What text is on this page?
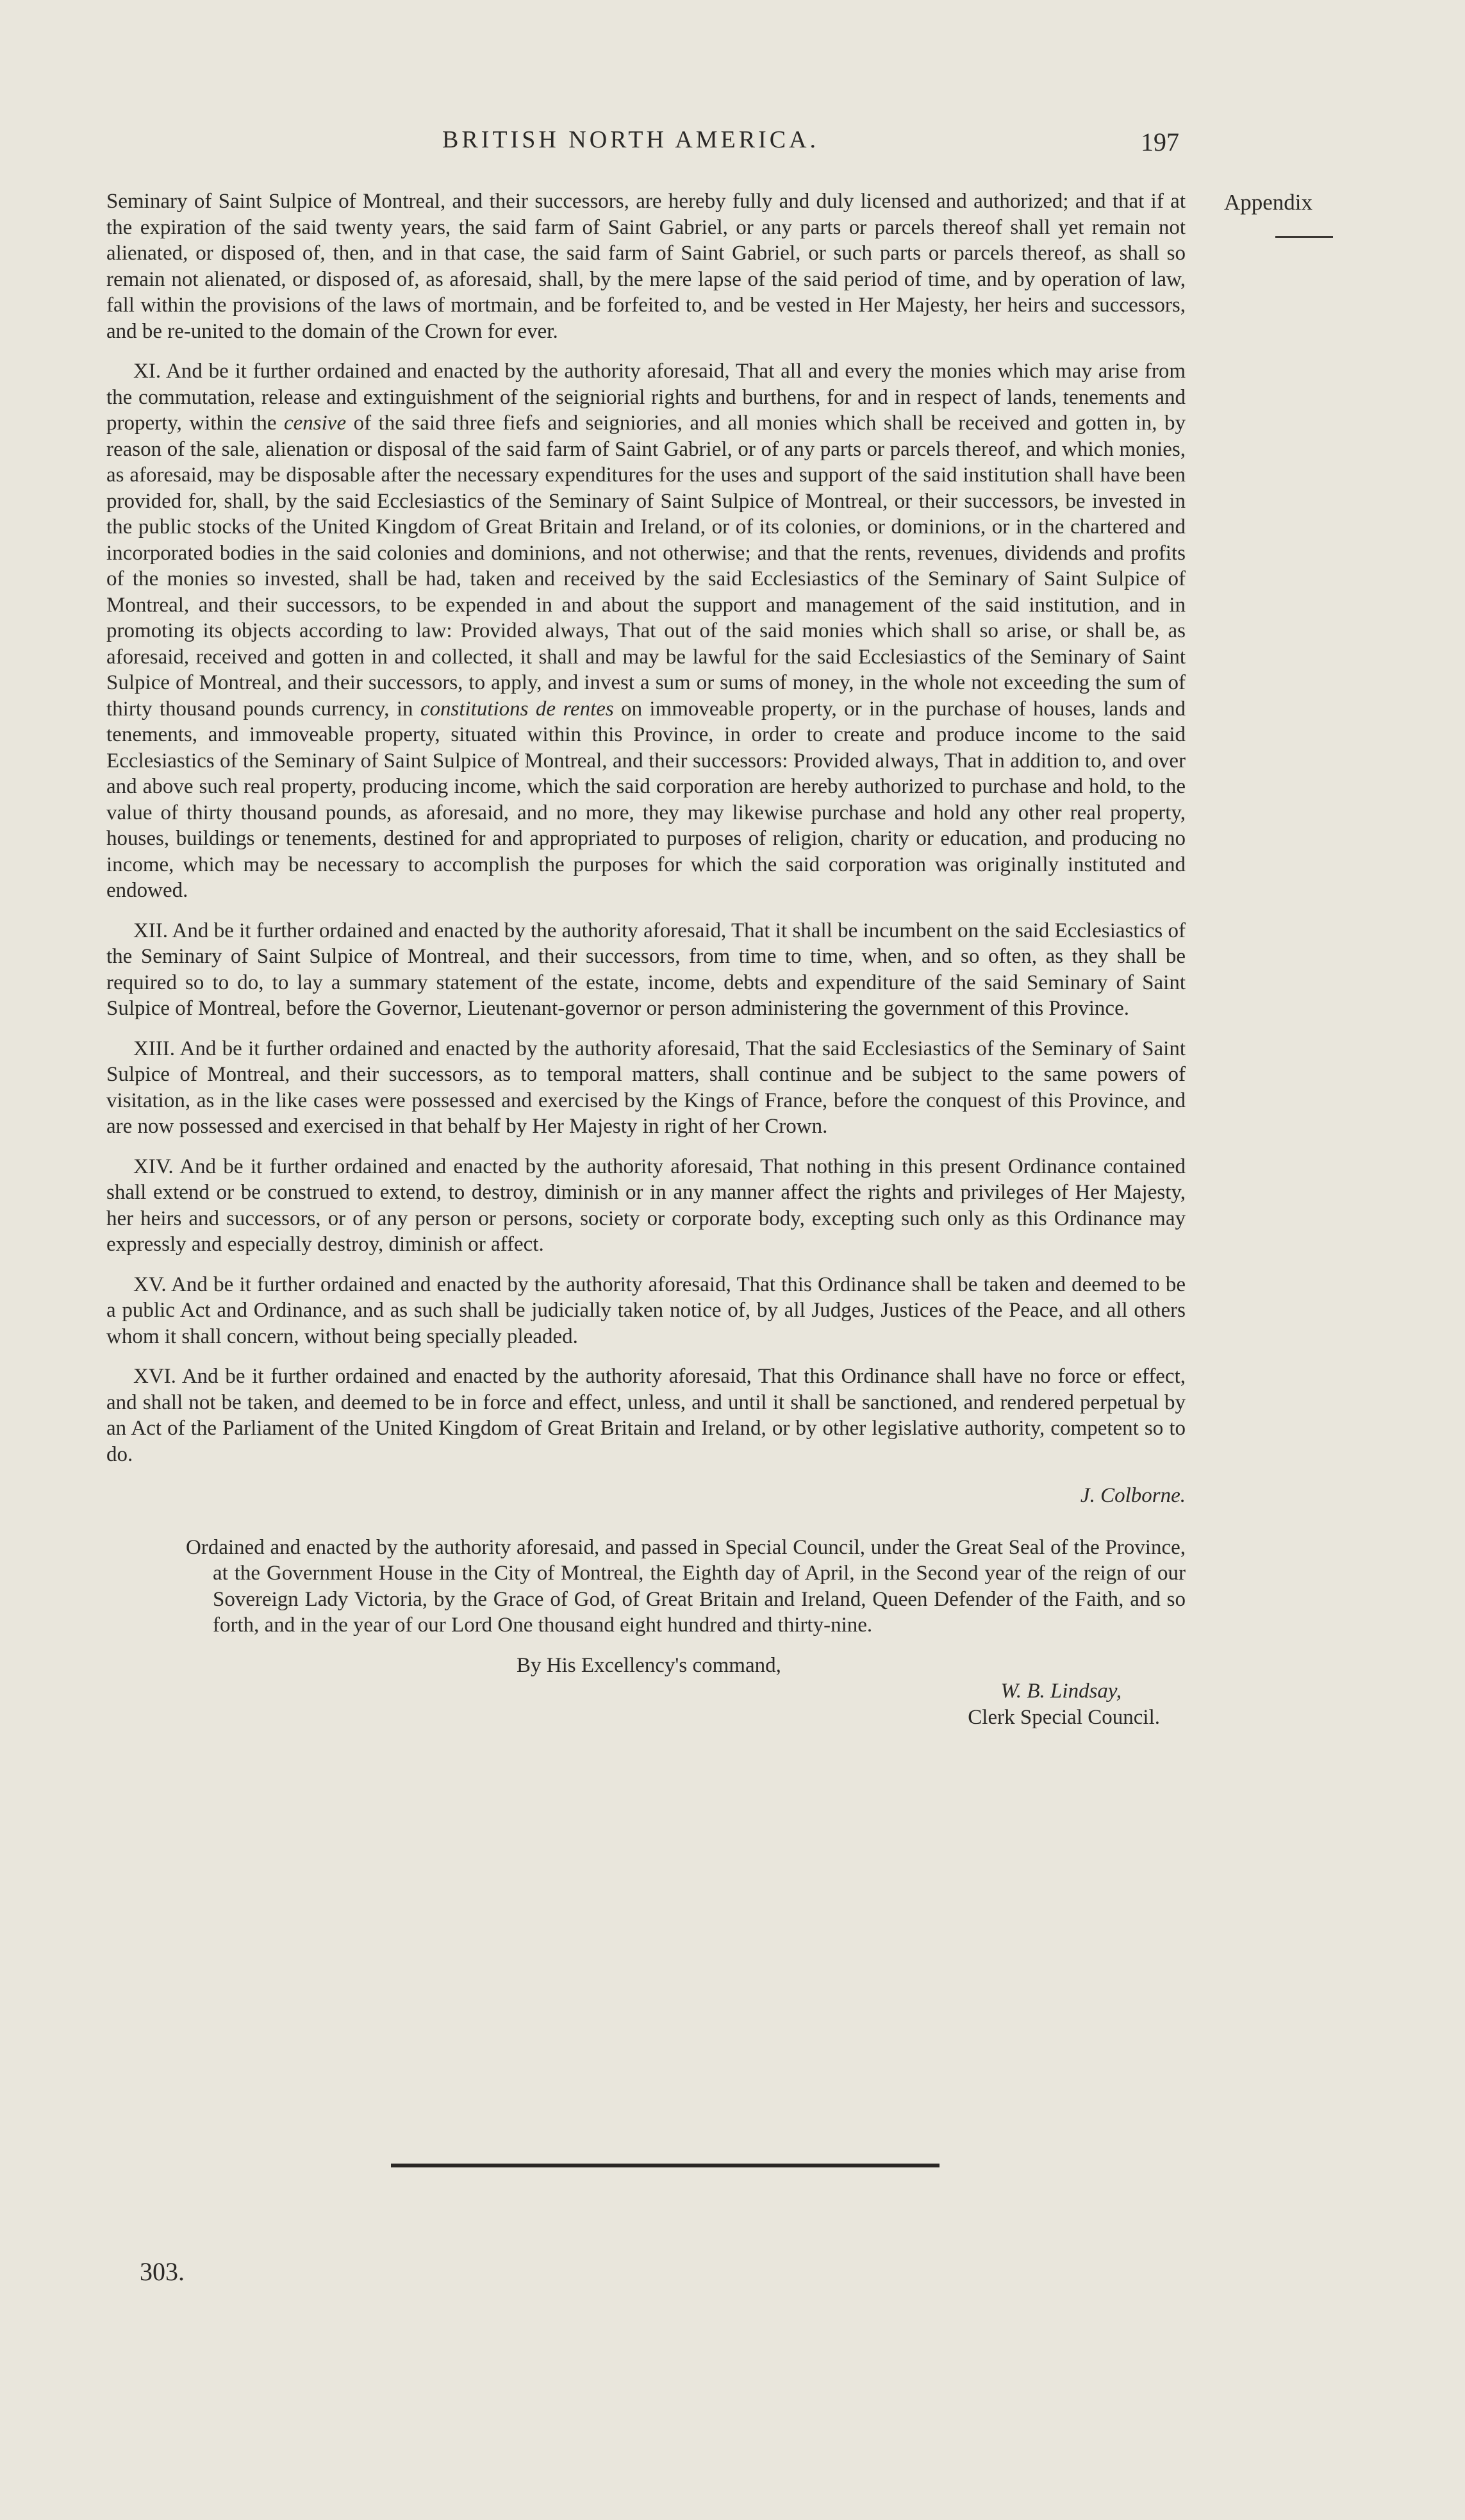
BRITISH NORTH AMERICA.	197
Appendix

Seminary of Saint Sulpice of Montreal, and their successors, are hereby fully and duly licensed and authorized; and that if at the expiration of the said twenty years, the said farm of Saint Gabriel, or any parts or parcels thereof shall yet remain not alienated, or disposed of, then, and in that case, the said farm of Saint Gabriel, or such parts or parcels thereof, as shall so remain not alienated, or disposed of, as aforesaid, shall, by the mere lapse of the said period of time, and by operation of law, fall within the provisions of the laws of mortmain, and be forfeited to, and be vested in Her Majesty, her heirs and successors, and be re-united to the domain of the Crown for ever.

XI. And be it further ordained and enacted by the authority aforesaid, That all and every the monies which may arise from the commutation, release and extinguishment of the seigniorial rights and burthens, for and in respect of lands, tenements and property, within the censive of the said three fiefs and seigniories, and all monies which shall be received and gotten in, by reason of the sale, alienation or disposal of the said farm of Saint Gabriel, or of any parts or parcels thereof, and which monies, as aforesaid, may be disposable after the necessary expenditures for the uses and support of the said institution shall have been provided for, shall, by the said Ecclesiastics of the Seminary of Saint Sulpice of Montreal, or their successors, be invested in the public stocks of the United Kingdom of Great Britain and Ireland, or of its colonies, or dominions, or in the chartered and incorporated bodies in the said colonies and dominions, and not otherwise; and that the rents, revenues, dividends and profits of the monies so invested, shall be had, taken and received by the said Ecclesiastics of the Seminary of Saint Sulpice of Montreal, and their successors, to be expended in and about the support and management of the said institution, and in promoting its objects according to law: Provided always, That out of the said monies which shall so arise, or shall be, as aforesaid, received and gotten in and collected, it shall and may be lawful for the said Ecclesiastics of the Seminary of Saint Sulpice of Montreal, and their successors, to apply, and invest a sum or sums of money, in the whole not exceeding the sum of thirty thousand pounds currency, in constitutions de rentes on immoveable property, or in the purchase of houses, lands and tenements, and immoveable property, situated within this Province, in order to create and produce income to the said Ecclesiastics of the Seminary of Saint Sulpice of Montreal, and their successors: Provided always, That in addition to, and over and above such real property, producing income, which the said corporation are hereby authorized to purchase and hold, to the value of thirty thousand pounds, as aforesaid, and no more, they may likewise purchase and hold any other real property, houses, buildings or tenements, destined for and appropriated to purposes of religion, charity or education, and producing no income, which may be necessary to accomplish the purposes for which the said corporation was originally instituted and endowed.

XII. And be it further ordained and enacted by the authority aforesaid, That it shall be incumbent on the said Ecclesiastics of the Seminary of Saint Sulpice of Montreal, and their successors, from time to time, when, and so often, as they shall be required so to do, to lay a summary statement of the estate, income, debts and expenditure of the said Seminary of Saint Sulpice of Montreal, before the Governor, Lieutenant-governor or person administering the government of this Province.

XIII. And be it further ordained and enacted by the authority aforesaid, That the said Ecclesiastics of the Seminary of Saint Sulpice of Montreal, and their successors, as to temporal matters, shall continue and be subject to the same powers of visitation, as in the like cases were possessed and exercised by the Kings of France, before the conquest of this Province, and are now possessed and exercised in that behalf by Her Majesty in right of her Crown.

XIV. And be it further ordained and enacted by the authority aforesaid, That nothing in this present Ordinance contained shall extend or be construed to extend, to destroy, diminish or in any manner affect the rights and privileges of Her Majesty, her heirs and successors, or of any person or persons, society or corporate body, excepting such only as this Ordinance may expressly and especially destroy, diminish or affect.

XV. And be it further ordained and enacted by the authority aforesaid, That this Ordinance shall be taken and deemed to be a public Act and Ordinance, and as such shall be judicially taken notice of, by all Judges, Justices of the Peace, and all others whom it shall concern, without being specially pleaded.

XVI. And be it further ordained and enacted by the authority aforesaid, That this Ordinance shall have no force or effect, and shall not be taken, and deemed to be in force and effect, unless, and until it shall be sanctioned, and rendered perpetual by an Act of the Parliament of the United Kingdom of Great Britain and Ireland, or by other legislative authority, competent so to do.

J. Colborne.

Ordained and enacted by the authority aforesaid, and passed in Special Council, under the Great Seal of the Province, at the Government House in the City of Montreal, the Eighth day of April, in the Second year of the reign of our Sovereign Lady Victoria, by the Grace of God, of Great Britain and Ireland, Queen Defender of the Faith, and so forth, and in the year of our Lord One thousand eight hundred and thirty-nine.

By His Excellency's command,

W. B. Lindsay,
Clerk Special Council.

303.
